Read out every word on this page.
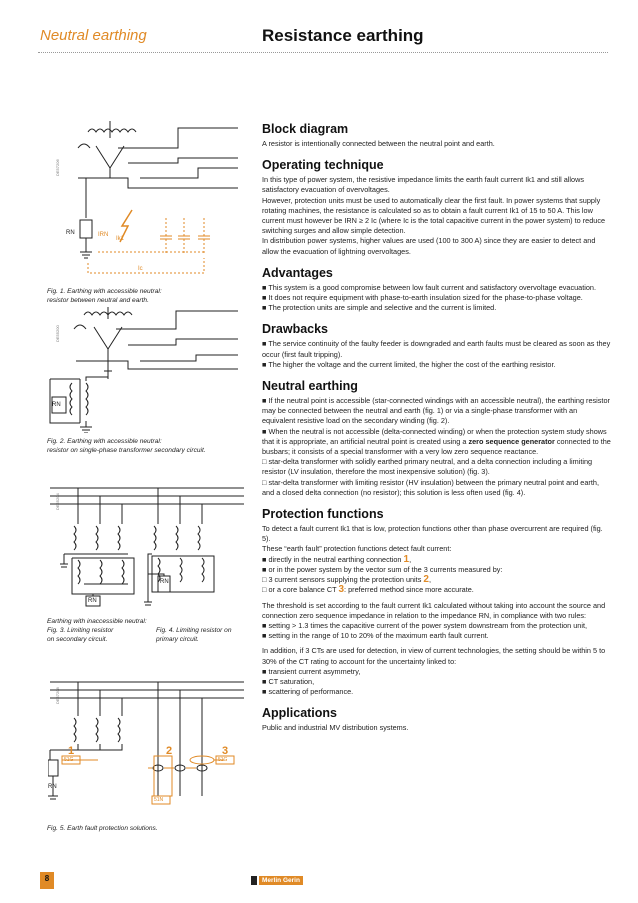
Neutral earthing	Resistance earthing
DE57206
RN	IRN
Ik1
Ic
Fig. 1. Earthing with accessible neutral:
resistor between neutral and earth.
DE55200
RN
Fig. 2. Earthing with accessible neutral:
resistor on single-phase transformer secondary circuit.
DE55204
RN
RN
Earthing with inaccessible neutral:
Fig. 3. Limiting resistor
on secondary circuit.
Fig. 4. Limiting resistor on
primary circuit.
DE57208
RN
1	2	3
51G
51N
51G
Fig. 5. Earth fault protection solutions.
Block diagram

A resistor is intentionally connected between the neutral point and earth.

Operating technique

In this type of power system, the resistive impedance limits the earth fault current Ik1 and still allows satisfactory evacuation of overvoltages.

However, protection units must be used to automatically clear the first fault. In power systems that supply rotating machines, the resistance is calculated so as to obtain a fault current Ik1 of 15 to 50 A. This low current must however be IRN ≥ 2 Ic (where Ic is the total capacitive current in the power system) to reduce switching surges and allow simple detection.

In distribution power systems, higher values are used (100 to 300 A) since they are easier to detect and allow the evacuation of lightning overvoltages.

Advantages

■ This system is a good compromise between low fault current and satisfactory overvoltage evacuation.

■ It does not require equipment with phase-to-earth insulation sized for the phase-to-phase voltage.

■ The protection units are simple and selective and the current is limited.

Drawbacks

■ The service continuity of the faulty feeder is downgraded and earth faults must be cleared as soon as they occur (first fault tripping).

■ The higher the voltage and the current limited, the higher the cost of the earthing resistor.

Neutral earthing

■ If the neutral point is accessible (star-connected windings with an accessible neutral), the earthing resistor may be connected between the neutral and earth (fig. 1) or via a single-phase transformer with an equivalent resistive load on the secondary winding (fig. 2).

■ When the neutral is not accessible (delta-connected winding) or when the protection system study shows that it is appropriate, an artificial neutral point is created using a zero sequence generator connected to the busbars; it consists of a special transformer with a very low zero sequence reactance.

□ star-delta transformer with solidly earthed primary neutral, and a delta connection including a limiting resistor (LV insulation, therefore the most inexpensive solution) (fig. 3).

□ star-delta transformer with limiting resistor (HV insulation) between the primary neutral point and earth, and a closed delta connection (no resistor); this solution is less often used (fig. 4).

Protection functions

To detect a fault current Ik1 that is low, protection functions other than phase overcurrent are required (fig. 5).

These “earth fault” protection functions detect fault current:

■ directly in the neutral earthing connection 1,

■ or in the power system by the vector sum of the 3 currents measured by:

□ 3 current sensors supplying the protection units 2,

□ or a core balance CT 3: preferred method since more accurate.

The threshold is set according to the fault current Ik1 calculated without taking into account the source and connection zero sequence impedance in relation to the impedance RN, in compliance with two rules:

■ setting > 1.3 times the capacitive current of the power system downstream from the protection unit,

■ setting in the range of 10 to 20% of the maximum earth fault current.

In addition, if 3 CTs are used for detection, in view of current technologies, the setting should be within 5 to 30% of the CT rating to account for the uncertainty linked to:

■ transient current asymmetry,

■ CT saturation,

■ scattering of performance.

Applications

Public and industrial MV distribution systems.

8	Merlin Gerin
